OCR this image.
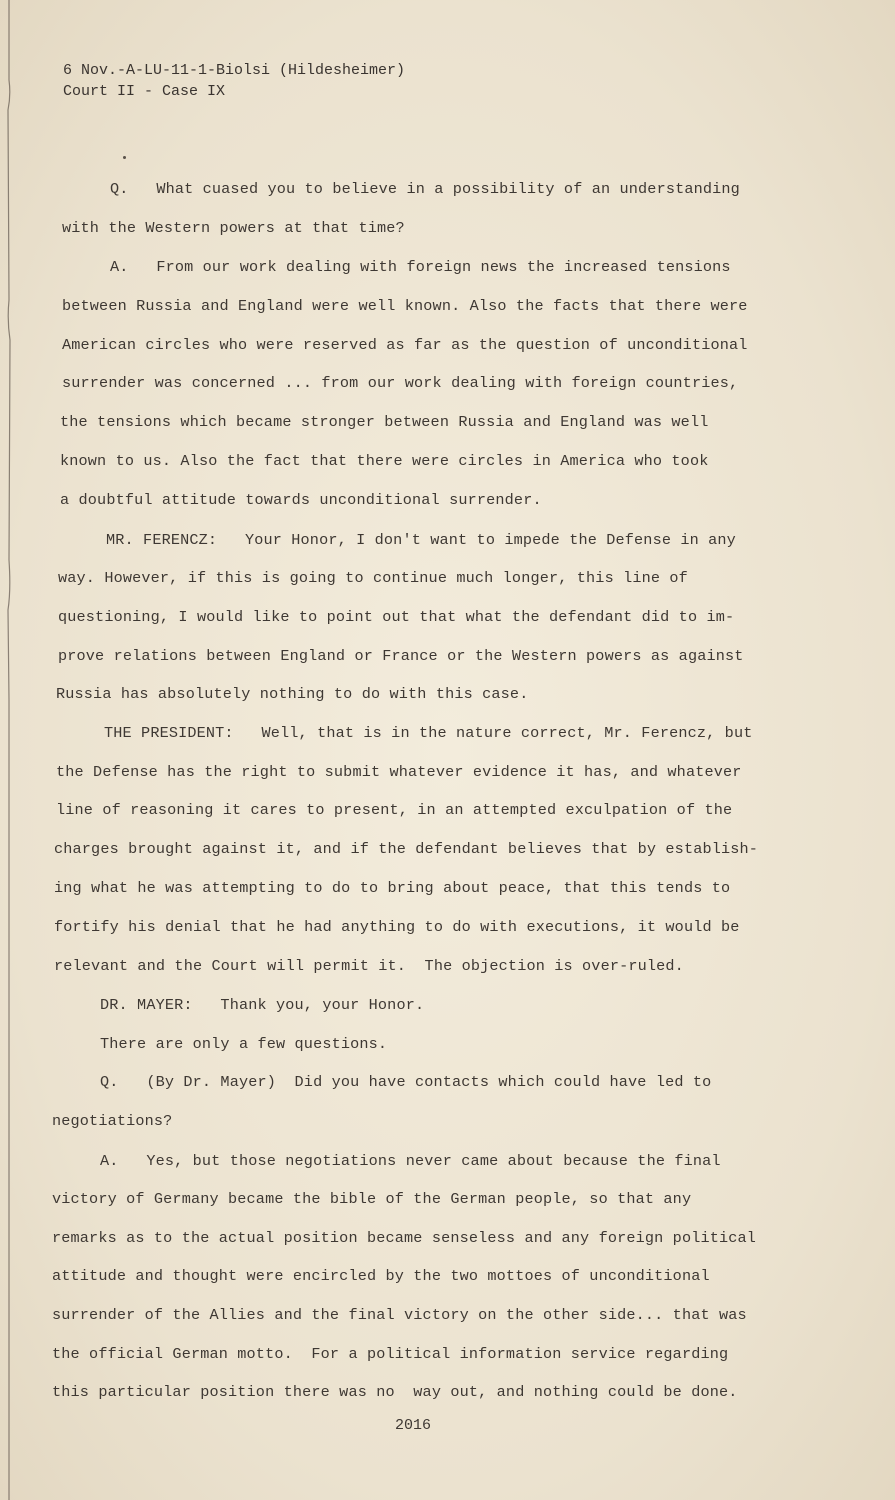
6 Nov.-A-LU-11-1-Biolsi (Hildesheimer)
Court II - Case IX
Q.   What cuased you to believe in a possibility of an understanding
with the Western powers at that time?
A.   From our work dealing with foreign news the increased tensions
between Russia and England were well known. Also the facts that there were
American circles who were reserved as far as the question of unconditional
surrender was concerned ... from our work dealing with foreign countries,
the tensions which became stronger between Russia and England was well
known to us. Also the fact that there were circles in America who took
a doubtful attitude towards unconditional surrender.
MR. FERENCZ:   Your Honor, I don't want to impede the Defense in any
way. However, if this is going to continue much longer, this line of
questioning, I would like to point out that what the defendant did to im-
prove relations between England or France or the Western powers as against
Russia has absolutely nothing to do with this case.
THE PRESIDENT:   Well, that is in the nature correct, Mr. Ferencz, but
the Defense has the right to submit whatever evidence it has, and whatever
line of reasoning it cares to present, in an attempted exculpation of the
charges brought against it, and if the defendant believes that by establish-
ing what he was attempting to do to bring about peace, that this tends to
fortify his denial that he had anything to do with executions, it would be
relevant and the Court will permit it.  The objection is over-ruled.
DR. MAYER:   Thank you, your Honor.
There are only a few questions.
Q.   (By Dr. Mayer)  Did you have contacts which could have led to
negotiations?
A.   Yes, but those negotiations never came about because the final
victory of Germany became the bible of the German people, so that any
remarks as to the actual position became senseless and any foreign political
attitude and thought were encircled by the two mottoes of unconditional
surrender of the Allies and the final victory on the other side... that was
the official German motto.  For a political information service regarding
this particular position there was no  way out, and nothing could be done.
2016
